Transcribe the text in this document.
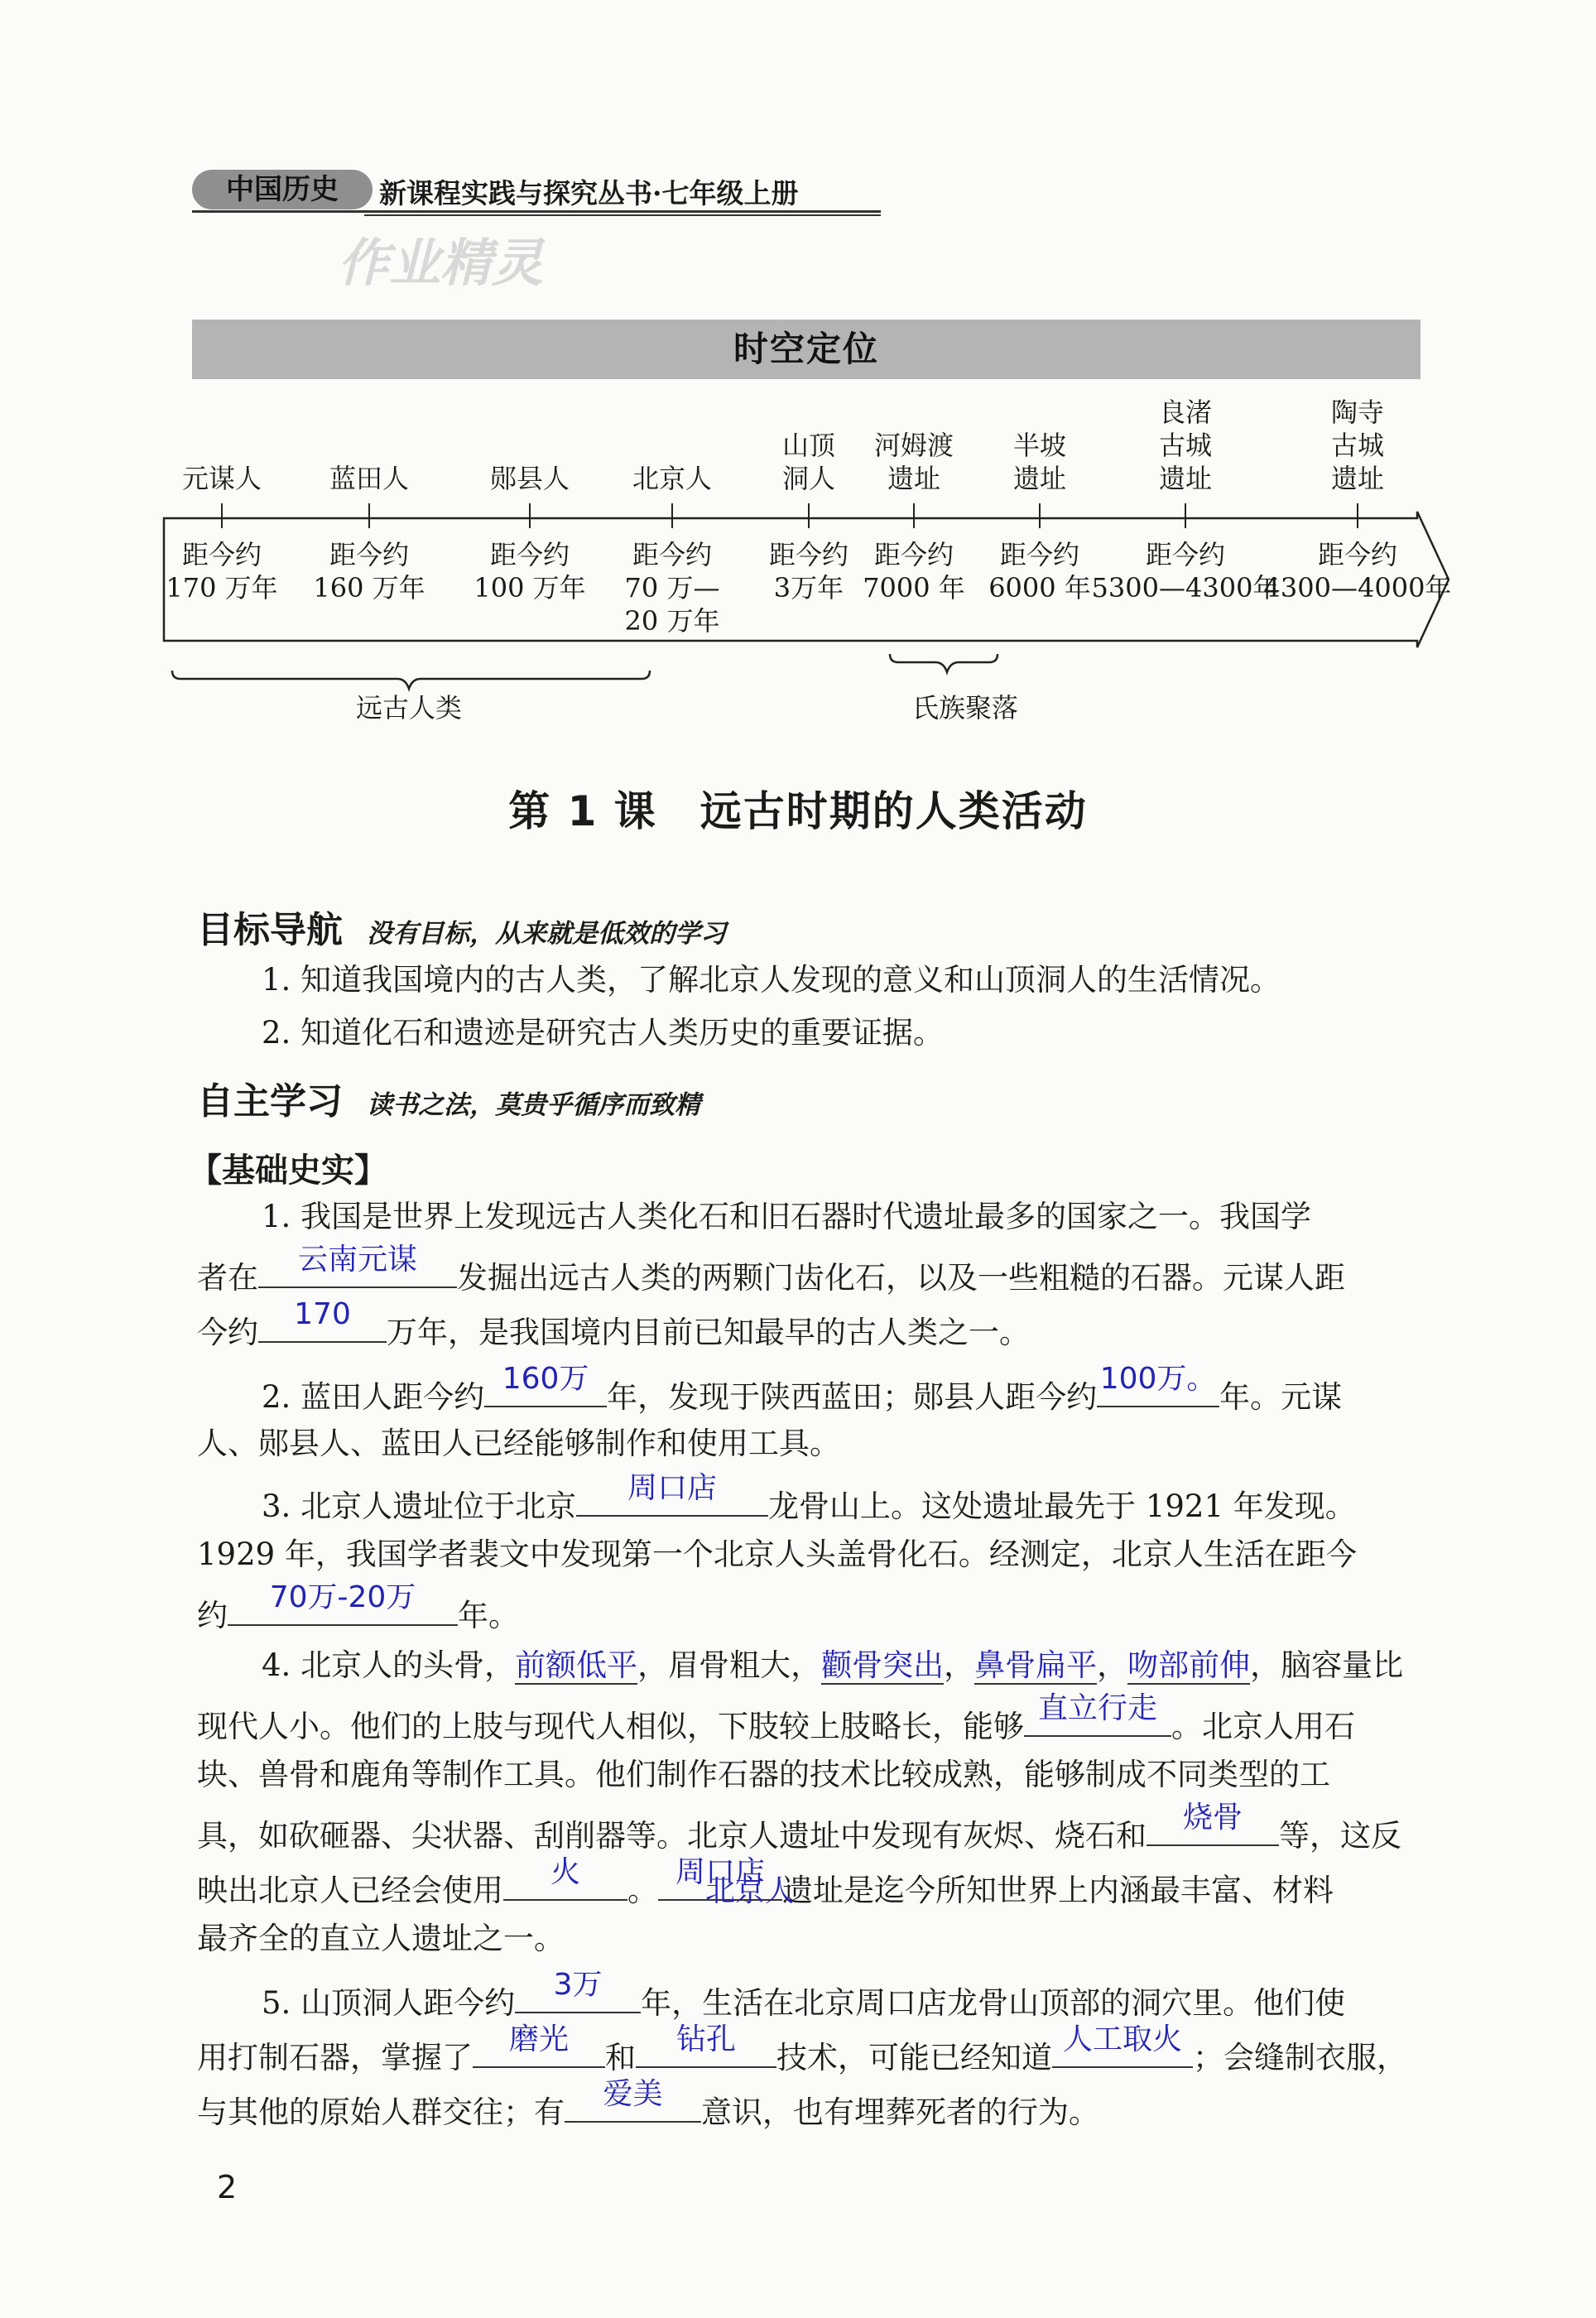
中国历史	新课程实践与探究丛书·七年级上册
作业精灵
时空定位
元谋人
距今约
170 万年
蓝田人
距今约
160 万年
郧县人
距今约
100 万年
北京人
距今约
70 万—
20 万年
山顶
洞人
距今约
3万年
河姆渡
遗址
距今约
7000 年
半坡
遗址
距今约
6000 年
良渚
古城
遗址
距今约
5300—4300年
陶寺
古城
遗址
距今约
4300—4000年
远古人类	氏族聚落
第 1 课　远古时期的人类活动
目标导航 没有目标，从来就是低效的学习
1. 知道我国境内的古人类，了解北京人发现的意义和山顶洞人的生活情况。
2. 知道化石和遗迹是研究古人类历史的重要证据。
自主学习 读书之法，莫贵乎循序而致精
【基础史实】
1. 我国是世界上发现远古人类化石和旧石器时代遗址最多的国家之一。我国学
者在
云南元谋
发掘出远古人类的两颗门齿化石，以及一些粗糙的石器。元谋人距
今约
170
万年，是我国境内目前已知最早的古人类之一。
2. 蓝田人距今约
160万
年，发现于陕西蓝田；郧县人距今约
100万。
年。元谋
人、郧县人、蓝田人已经能够制作和使用工具。
3. 北京人遗址位于北京
周口店
龙骨山上。这处遗址最先于 1921 年发现。
1929 年，我国学者裴文中发现第一个北京人头盖骨化石。经测定，北京人生活在距今
约
70万-20万
年。
4. 北京人的头骨，前额低平，眉骨粗大，颧骨突出，鼻骨扁平，吻部前伸，脑容量比
现代人小。他们的上肢与现代人相似，下肢较上肢略长，能够
直立行走
。北京人用石
块、兽骨和鹿角等制作工具。他们制作石器的技术比较成熟，能够制成不同类型的工
具，如砍砸器、尖状器、刮削器等。北京人遗址中发现有灰烬、烧石和
烧骨
等，这反
映出北京人已经会使用
火
。
周口店
遗址是迄今所知世界上内涵最丰富、材料
北京人
最齐全的直立人遗址之一。
5. 山顶洞人距今约
3万
年，生活在北京周口店龙骨山顶部的洞穴里。他们使
用打制石器，掌握了
磨光
和
钻孔
技术，可能已经知道
人工取火
；会缝制衣服，
与其他的原始人群交往；有
爱美
意识，也有埋葬死者的行为。
2
